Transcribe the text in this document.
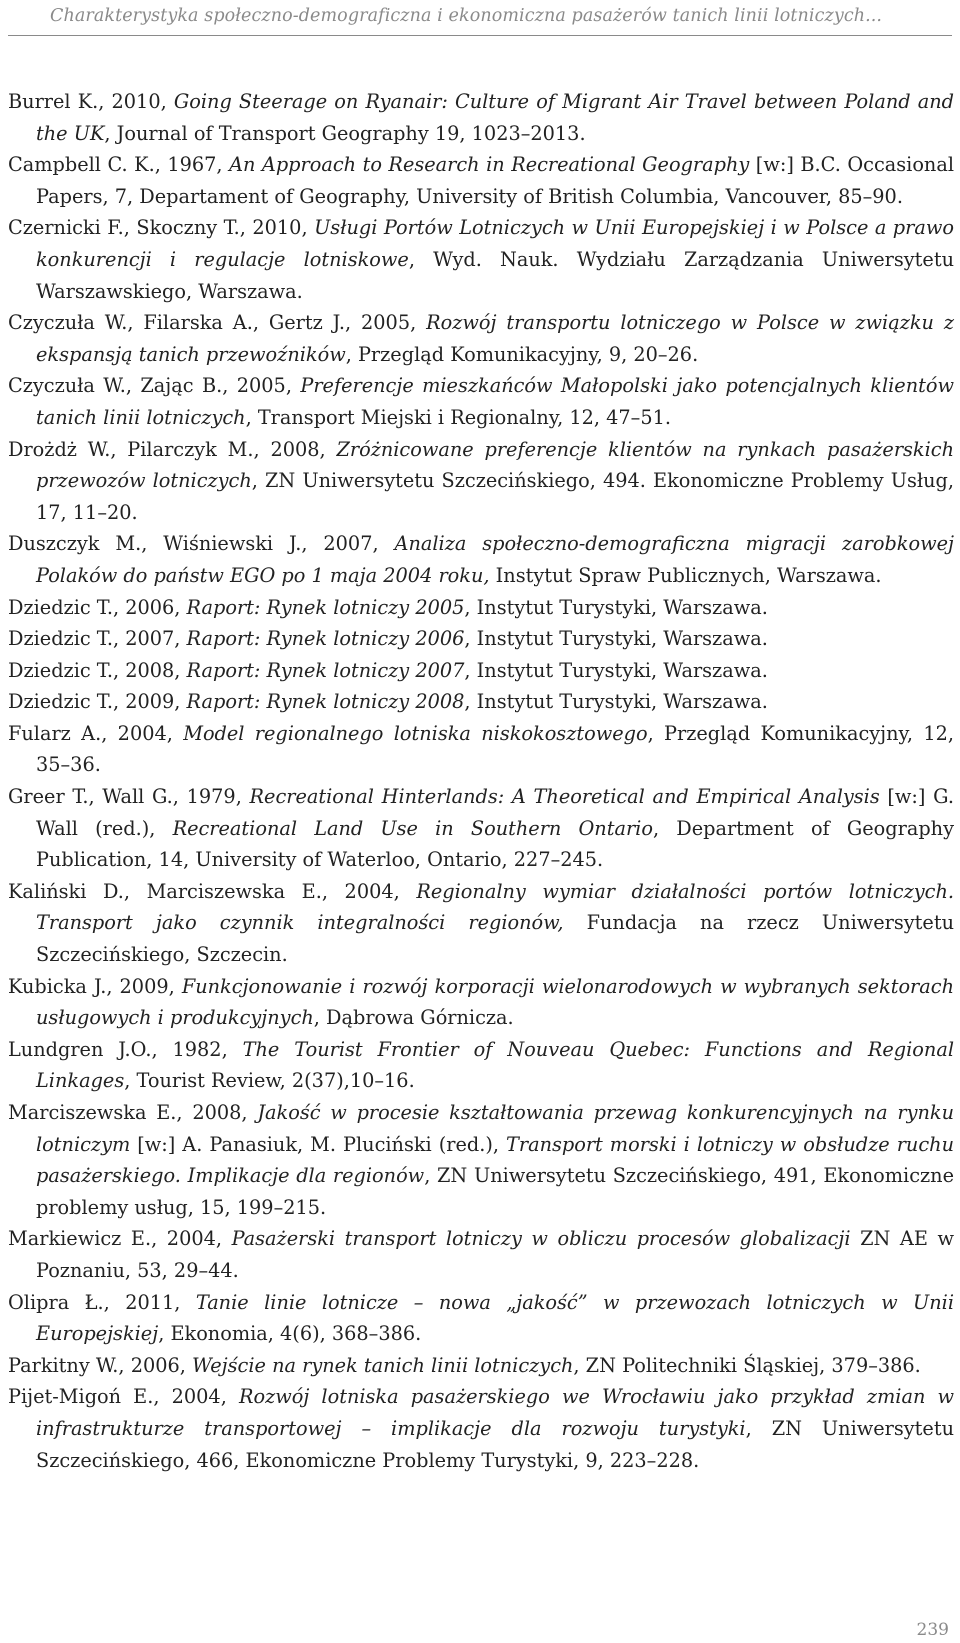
Charakterystyka społeczno-demograficzna i ekonomiczna pasażerów tanich linii lotniczych...

Burrel K., 2010, Going Steerage on Ryanair: Culture of Migrant Air Travel between Poland and the UK, Journal of Transport Geography 19, 1023–2013.

Campbell C. K., 1967, An Approach to Research in Recreational Geography [w:] B.C. Occasional Papers, 7, Departament of Geography, University of British Columbia, Vancouver, 85–90.

Czernicki F., Skoczny T., 2010, Usługi Portów Lotniczych w Unii Europejskiej i w Polsce a prawo konkurencji i regulacje lotniskowe, Wyd. Nauk. Wydziału Zarządzania Uniwersytetu Warszawskiego, Warszawa.

Czyczuła W., Filarska A., Gertz J., 2005, Rozwój transportu lotniczego w Polsce w związku z ekspansją tanich przewoźników, Przegląd Komunikacyjny, 9, 20–26.

Czyczuła W., Zając B., 2005, Preferencje mieszkańców Małopolski jako potencjalnych klientów tanich linii lotniczych, Transport Miejski i Regionalny, 12, 47–51.

Drożdż W., Pilarczyk M., 2008, Zróżnicowane preferencje klientów na rynkach pasażerskich przewozów lotniczych, ZN Uniwersytetu Szczecińskiego, 494. Ekonomiczne Problemy Usług, 17, 11–20.

Duszczyk M., Wiśniewski J., 2007, Analiza społeczno-demograficzna migracji zarobkowej Polaków do państw EGO po 1 maja 2004 roku, Instytut Spraw Publicznych, Warszawa.

Dziedzic T., 2006, Raport: Rynek lotniczy 2005, Instytut Turystyki, Warszawa.

Dziedzic T., 2007, Raport: Rynek lotniczy 2006, Instytut Turystyki, Warszawa.

Dziedzic T., 2008, Raport: Rynek lotniczy 2007, Instytut Turystyki, Warszawa.

Dziedzic T., 2009, Raport: Rynek lotniczy 2008, Instytut Turystyki, Warszawa.

Fularz A., 2004, Model regionalnego lotniska niskokosztowego, Przegląd Komunikacyjny, 12, 35–36.

Greer T., Wall G., 1979, Recreational Hinterlands: A Theoretical and Empirical Analysis [w:] G. Wall (red.), Recreational Land Use in Southern Ontario, Department of Geography Publication, 14, University of Waterloo, Ontario, 227–245.

Kaliński D., Marciszewska E., 2004, Regionalny wymiar działalności portów lotniczych. Transport jako czynnik integralności regionów, Fundacja na rzecz Uniwersytetu Szczecińskiego, Szczecin.

Kubicka J., 2009, Funkcjonowanie i rozwój korporacji wielonarodowych w wybranych sektorach usługowych i produkcyjnych, Dąbrowa Górnicza.

Lundgren J.O., 1982, The Tourist Frontier of Nouveau Quebec: Functions and Regional Linkages, Tourist Review, 2(37),10–16.

Marciszewska E., 2008, Jakość w procesie kształtowania przewag konkurencyjnych na rynku lotniczym [w:] A. Panasiuk, M. Pluciński (red.), Transport morski i lotniczy w obsłudze ruchu pasażerskiego. Implikacje dla regionów, ZN Uniwersytetu Szczecińskiego, 491, Ekonomiczne problemy usług, 15, 199–215.

Markiewicz E., 2004, Pasażerski transport lotniczy w obliczu procesów globalizacji ZN AE w Poznaniu, 53, 29–44.

Olipra Ł., 2011, Tanie linie lotnicze – nowa „jakość” w przewozach lotniczych w Unii Europejskiej, Ekonomia, 4(6), 368–386.

Parkitny W., 2006, Wejście na rynek tanich linii lotniczych, ZN Politechniki Śląskiej, 379–386.

Pijet-Migoń E., 2004, Rozwój lotniska pasażerskiego we Wrocławiu jako przykład zmian w infrastrukturze transportowej – implikacje dla rozwoju turystyki, ZN Uniwersytetu Szczecińskiego, 466, Ekonomiczne Problemy Turystyki, 9, 223–228.

239
